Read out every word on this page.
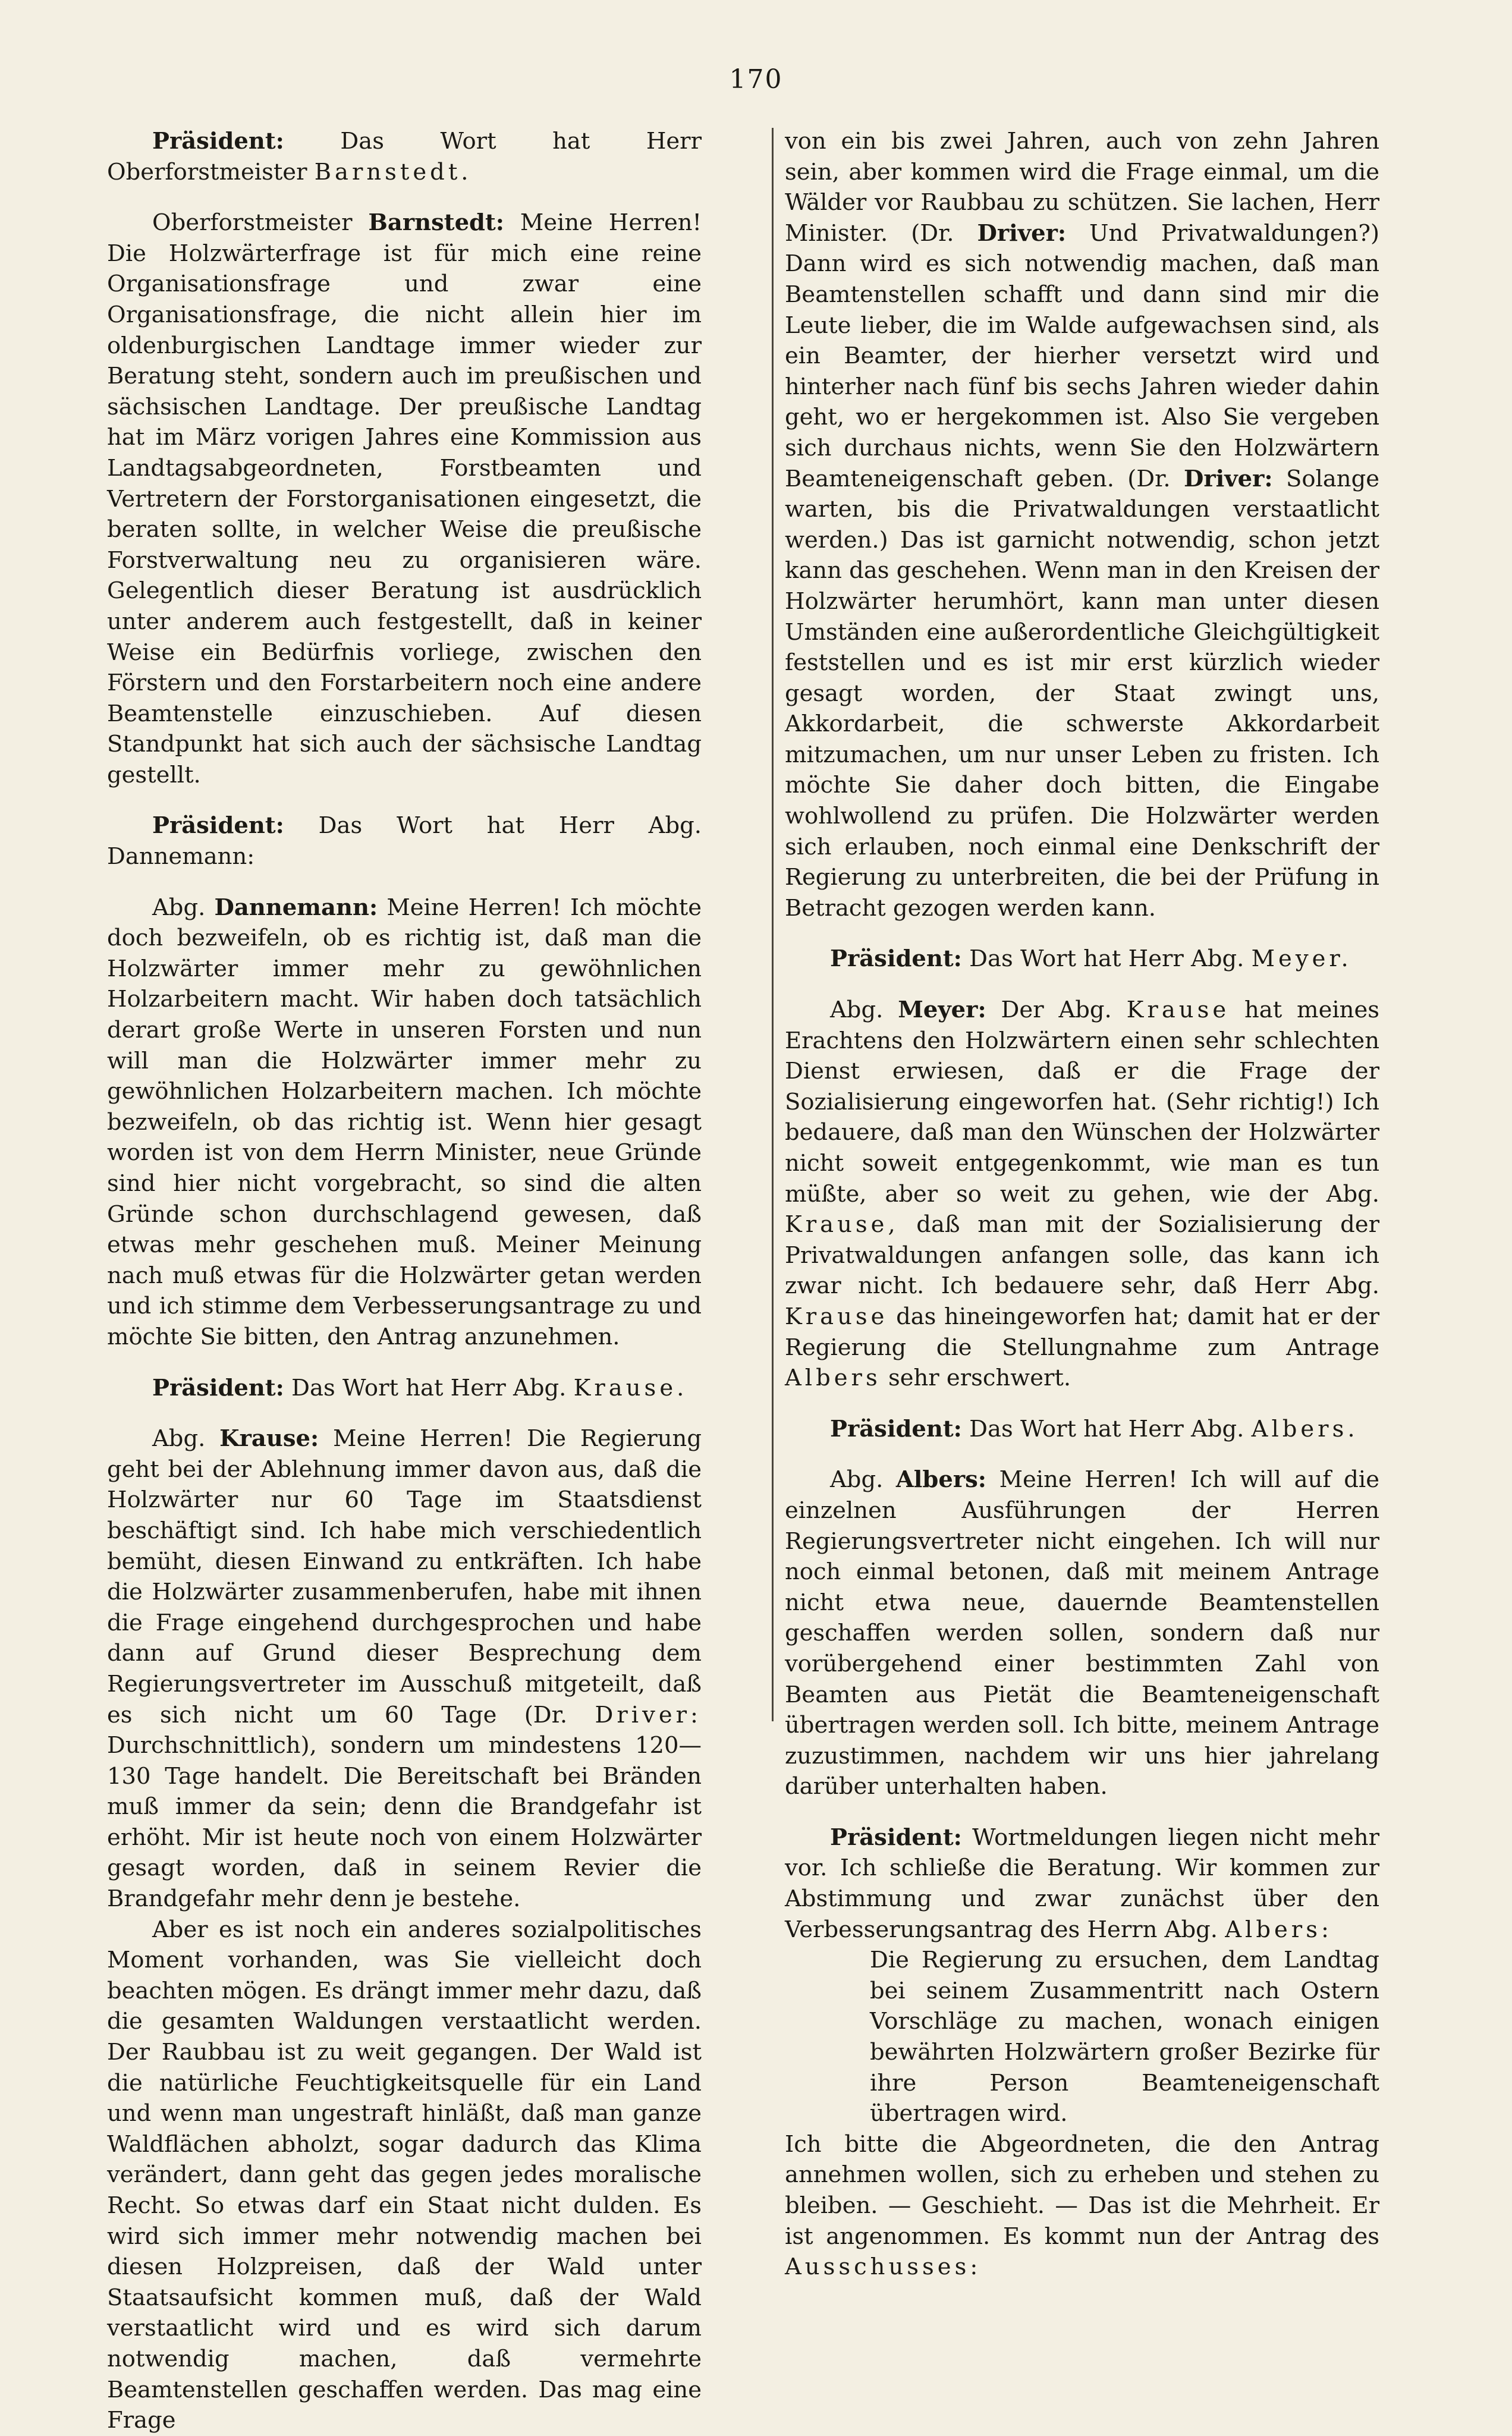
170

Präsident: Das Wort hat Herr Oberforstmeister Barnstedt.

Oberforstmeister Barnstedt: Meine Herren! Die Holzwärterfrage ist für mich eine reine Organisationsfrage und zwar eine Organisationsfrage, die nicht allein hier im oldenburgischen Landtage immer wieder zur Beratung steht, sondern auch im preußischen und sächsischen Landtage. Der preußische Landtag hat im März vorigen Jahres eine Kommission aus Landtagsabgeordneten, Forstbeamten und Vertretern der Forstorganisationen eingesetzt, die beraten sollte, in welcher Weise die preußische Forstverwaltung neu zu organisieren wäre. Gelegentlich dieser Beratung ist ausdrücklich unter anderem auch festgestellt, daß in keiner Weise ein Bedürfnis vorliege, zwischen den Förstern und den Forstarbeitern noch eine andere Beamtenstelle einzuschieben. Auf diesen Standpunkt hat sich auch der sächsische Landtag gestellt.

Präsident: Das Wort hat Herr Abg. Dannemann:

Abg. Dannemann: Meine Herren! Ich möchte doch bezweifeln, ob es richtig ist, daß man die Holzwärter immer mehr zu gewöhnlichen Holzarbeitern macht. Wir haben doch tatsächlich derart große Werte in unseren Forsten und nun will man die Holzwärter immer mehr zu gewöhnlichen Holzarbeitern machen. Ich möchte bezweifeln, ob das richtig ist. Wenn hier gesagt worden ist von dem Herrn Minister, neue Gründe sind hier nicht vorgebracht, so sind die alten Gründe schon durchschlagend gewesen, daß etwas mehr geschehen muß. Meiner Meinung nach muß etwas für die Holzwärter getan werden und ich stimme dem Verbesserungsantrage zu und möchte Sie bitten, den Antrag anzunehmen.

Präsident: Das Wort hat Herr Abg. Krause.

Abg. Krause: Meine Herren! Die Regierung geht bei der Ablehnung immer davon aus, daß die Holzwärter nur 60 Tage im Staatsdienst beschäftigt sind. Ich habe mich verschiedentlich bemüht, diesen Einwand zu entkräften. Ich habe die Holzwärter zusammenberufen, habe mit ihnen die Frage eingehend durchgesprochen und habe dann auf Grund dieser Besprechung dem Regierungsvertreter im Ausschuß mitgeteilt, daß es sich nicht um 60 Tage (Dr. Driver: Durchschnittlich), sondern um mindestens 120—130 Tage handelt. Die Bereitschaft bei Bränden muß immer da sein; denn die Brandgefahr ist erhöht. Mir ist heute noch von einem Holzwärter gesagt worden, daß in seinem Revier die Brandgefahr mehr denn je bestehe.

Aber es ist noch ein anderes sozialpolitisches Moment vorhanden, was Sie vielleicht doch beachten mögen. Es drängt immer mehr dazu, daß die gesamten Waldungen verstaatlicht werden. Der Raubbau ist zu weit gegangen. Der Wald ist die natürliche Feuchtigkeitsquelle für ein Land und wenn man ungestraft hinläßt, daß man ganze Waldflächen abholzt, sogar dadurch das Klima verändert, dann geht das gegen jedes moralische Recht. So etwas darf ein Staat nicht dulden. Es wird sich immer mehr notwendig machen bei diesen Holzpreisen, daß der Wald unter Staatsaufsicht kommen muß, daß der Wald verstaatlicht wird und es wird sich darum notwendig machen, daß vermehrte Beamtenstellen geschaffen werden. Das mag eine Frage

von ein bis zwei Jahren, auch von zehn Jahren sein, aber kommen wird die Frage einmal, um die Wälder vor Raubbau zu schützen. Sie lachen, Herr Minister. (Dr. Driver: Und Privatwaldungen?) Dann wird es sich notwendig machen, daß man Beamtenstellen schafft und dann sind mir die Leute lieber, die im Walde aufgewachsen sind, als ein Beamter, der hierher versetzt wird und hinterher nach fünf bis sechs Jahren wieder dahin geht, wo er hergekommen ist. Also Sie vergeben sich durchaus nichts, wenn Sie den Holzwärtern Beamteneigenschaft geben. (Dr. Driver: Solange warten, bis die Privatwaldungen verstaatlicht werden.) Das ist garnicht notwendig, schon jetzt kann das geschehen. Wenn man in den Kreisen der Holzwärter herumhört, kann man unter diesen Umständen eine außerordentliche Gleichgültigkeit feststellen und es ist mir erst kürzlich wieder gesagt worden, der Staat zwingt uns, Akkordarbeit, die schwerste Akkordarbeit mitzumachen, um nur unser Leben zu fristen. Ich möchte Sie daher doch bitten, die Eingabe wohlwollend zu prüfen. Die Holzwärter werden sich erlauben, noch einmal eine Denkschrift der Regierung zu unterbreiten, die bei der Prüfung in Betracht gezogen werden kann.

Präsident: Das Wort hat Herr Abg. Meyer.

Abg. Meyer: Der Abg. Krause hat meines Erachtens den Holzwärtern einen sehr schlechten Dienst erwiesen, daß er die Frage der Sozialisierung eingeworfen hat. (Sehr richtig!) Ich bedauere, daß man den Wünschen der Holzwärter nicht soweit entgegenkommt, wie man es tun müßte, aber so weit zu gehen, wie der Abg. Krause, daß man mit der Sozialisierung der Privatwaldungen anfangen solle, das kann ich zwar nicht. Ich bedauere sehr, daß Herr Abg. Krause das hineingeworfen hat; damit hat er der Regierung die Stellungnahme zum Antrage Albers sehr erschwert.

Präsident: Das Wort hat Herr Abg. Albers.

Abg. Albers: Meine Herren! Ich will auf die einzelnen Ausführungen der Herren Regierungsvertreter nicht eingehen. Ich will nur noch einmal betonen, daß mit meinem Antrage nicht etwa neue, dauernde Beamtenstellen geschaffen werden sollen, sondern daß nur vorübergehend einer bestimmten Zahl von Beamten aus Pietät die Beamteneigenschaft übertragen werden soll. Ich bitte, meinem Antrage zuzustimmen, nachdem wir uns hier jahrelang darüber unterhalten haben.

Präsident: Wortmeldungen liegen nicht mehr vor. Ich schließe die Beratung. Wir kommen zur Abstimmung und zwar zunächst über den Verbesserungsantrag des Herrn Abg. Albers:

Die Regierung zu ersuchen, dem Landtag bei seinem Zusammentritt nach Ostern Vorschläge zu machen, wonach einigen bewährten Holzwärtern großer Bezirke für ihre Person Beamteneigenschaft übertragen wird.

Ich bitte die Abgeordneten, die den Antrag annehmen wollen, sich zu erheben und stehen zu bleiben. — Geschieht. — Das ist die Mehrheit. Er ist angenommen. Es kommt nun der Antrag des Ausschusses:
